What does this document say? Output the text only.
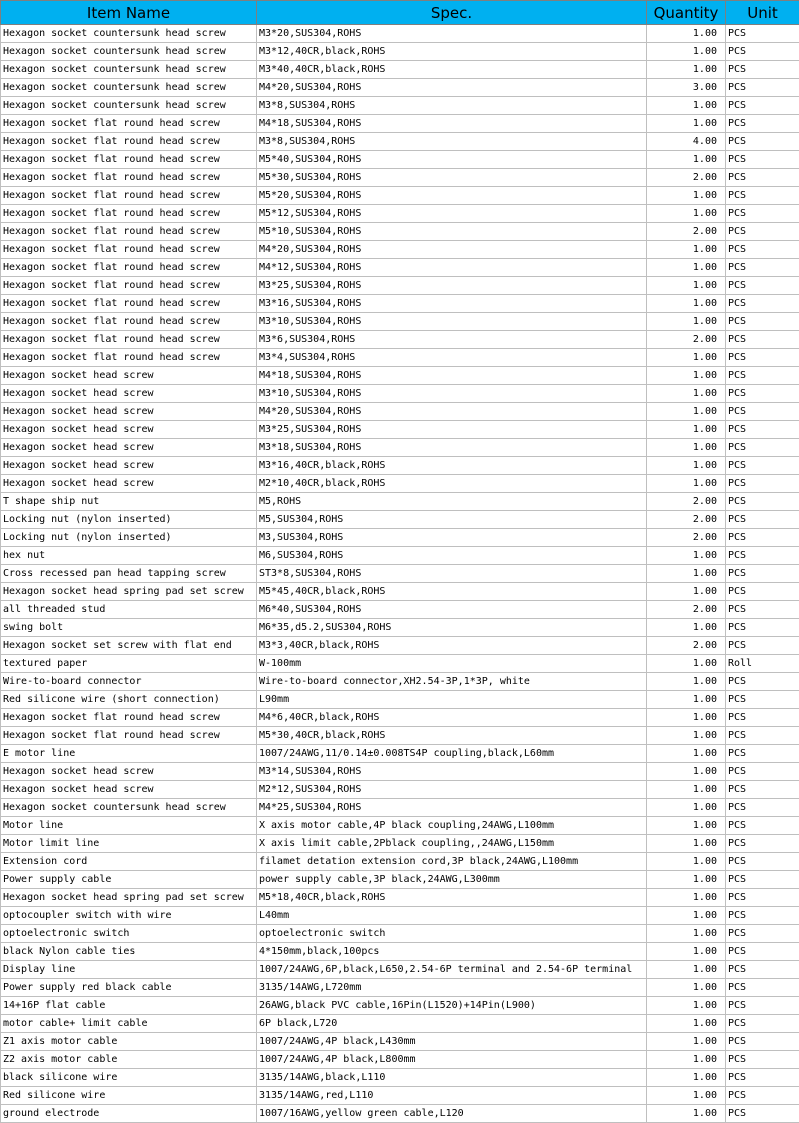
Item Name	Spec.	Quantity	Unit
Hexagon socket countersunk head screw	M3*20,SUS304,ROHS	1.00	PCS
Hexagon socket countersunk head screw	M3*12,40CR,black,ROHS	1.00	PCS
Hexagon socket countersunk head screw	M3*40,40CR,black,ROHS	1.00	PCS
Hexagon socket countersunk head screw	M4*20,SUS304,ROHS	3.00	PCS
Hexagon socket countersunk head screw	M3*8,SUS304,ROHS	1.00	PCS
Hexagon socket flat round head screw	M4*18,SUS304,ROHS	1.00	PCS
Hexagon socket flat round head screw	M3*8,SUS304,ROHS	4.00	PCS
Hexagon socket flat round head screw	M5*40,SUS304,ROHS	1.00	PCS
Hexagon socket flat round head screw	M5*30,SUS304,ROHS	2.00	PCS
Hexagon socket flat round head screw	M5*20,SUS304,ROHS	1.00	PCS
Hexagon socket flat round head screw	M5*12,SUS304,ROHS	1.00	PCS
Hexagon socket flat round head screw	M5*10,SUS304,ROHS	2.00	PCS
Hexagon socket flat round head screw	M4*20,SUS304,ROHS	1.00	PCS
Hexagon socket flat round head screw	M4*12,SUS304,ROHS	1.00	PCS
Hexagon socket flat round head screw	M3*25,SUS304,ROHS	1.00	PCS
Hexagon socket flat round head screw	M3*16,SUS304,ROHS	1.00	PCS
Hexagon socket flat round head screw	M3*10,SUS304,ROHS	1.00	PCS
Hexagon socket flat round head screw	M3*6,SUS304,ROHS	2.00	PCS
Hexagon socket flat round head screw	M3*4,SUS304,ROHS	1.00	PCS
Hexagon socket head screw	M4*18,SUS304,ROHS	1.00	PCS
Hexagon socket head screw	M3*10,SUS304,ROHS	1.00	PCS
Hexagon socket head screw	M4*20,SUS304,ROHS	1.00	PCS
Hexagon socket head screw	M3*25,SUS304,ROHS	1.00	PCS
Hexagon socket head screw	M3*18,SUS304,ROHS	1.00	PCS
Hexagon socket head screw	M3*16,40CR,black,ROHS	1.00	PCS
Hexagon socket head screw	M2*10,40CR,black,ROHS	1.00	PCS
T shape ship nut	M5,ROHS	2.00	PCS
Locking nut (nylon inserted)	M5,SUS304,ROHS	2.00	PCS
Locking nut (nylon inserted)	M3,SUS304,ROHS	2.00	PCS
hex nut	M6,SUS304,ROHS	1.00	PCS
Cross recessed pan head tapping screw	ST3*8,SUS304,ROHS	1.00	PCS
Hexagon socket head spring pad set screw	M5*45,40CR,black,ROHS	1.00	PCS
all threaded stud	M6*40,SUS304,ROHS	2.00	PCS
swing bolt	M6*35,d5.2,SUS304,ROHS	1.00	PCS
Hexagon socket set screw with flat end	M3*3,40CR,black,ROHS	2.00	PCS
textured paper	W-100mm	1.00	Roll
Wire-to-board connector	Wire-to-board connector,XH2.54-3P,1*3P, white	1.00	PCS
Red silicone wire (short connection)	L90mm	1.00	PCS
Hexagon socket flat round head screw	M4*6,40CR,black,ROHS	1.00	PCS
Hexagon socket flat round head screw	M5*30,40CR,black,ROHS	1.00	PCS
E motor line	1007/24AWG,11/0.14±0.008TS4P coupling,black,L60mm	1.00	PCS
Hexagon socket head screw	M3*14,SUS304,ROHS	1.00	PCS
Hexagon socket head screw	M2*12,SUS304,ROHS	1.00	PCS
Hexagon socket countersunk head screw	M4*25,SUS304,ROHS	1.00	PCS
Motor line	X axis motor cable,4P black coupling,24AWG,L100mm	1.00	PCS
Motor limit line	X axis limit cable,2Pblack coupling,,24AWG,L150mm	1.00	PCS
Extension cord	filamet detation extension cord,3P black,24AWG,L100mm	1.00	PCS
Power supply cable	power supply cable,3P black,24AWG,L300mm	1.00	PCS
Hexagon socket head spring pad set screw	M5*18,40CR,black,ROHS	1.00	PCS
optocoupler switch with wire	L40mm	1.00	PCS
optoelectronic switch	optoelectronic switch	1.00	PCS
black Nylon cable ties	4*150mm,black,100pcs	1.00	PCS
Display line	1007/24AWG,6P,black,L650,2.54-6P terminal and 2.54-6P terminal	1.00	PCS
Power supply red black cable	3135/14AWG,L720mm	1.00	PCS
14+16P flat cable	26AWG,black PVC cable,16Pin(L1520)+14Pin(L900)	1.00	PCS
motor cable+ limit cable	6P black,L720	1.00	PCS
Z1 axis motor cable	1007/24AWG,4P black,L430mm	1.00	PCS
Z2 axis motor cable	1007/24AWG,4P black,L800mm	1.00	PCS
black silicone wire	3135/14AWG,black,L110	1.00	PCS
Red silicone wire	3135/14AWG,red,L110	1.00	PCS
ground electrode	1007/16AWG,yellow green cable,L120	1.00	PCS
